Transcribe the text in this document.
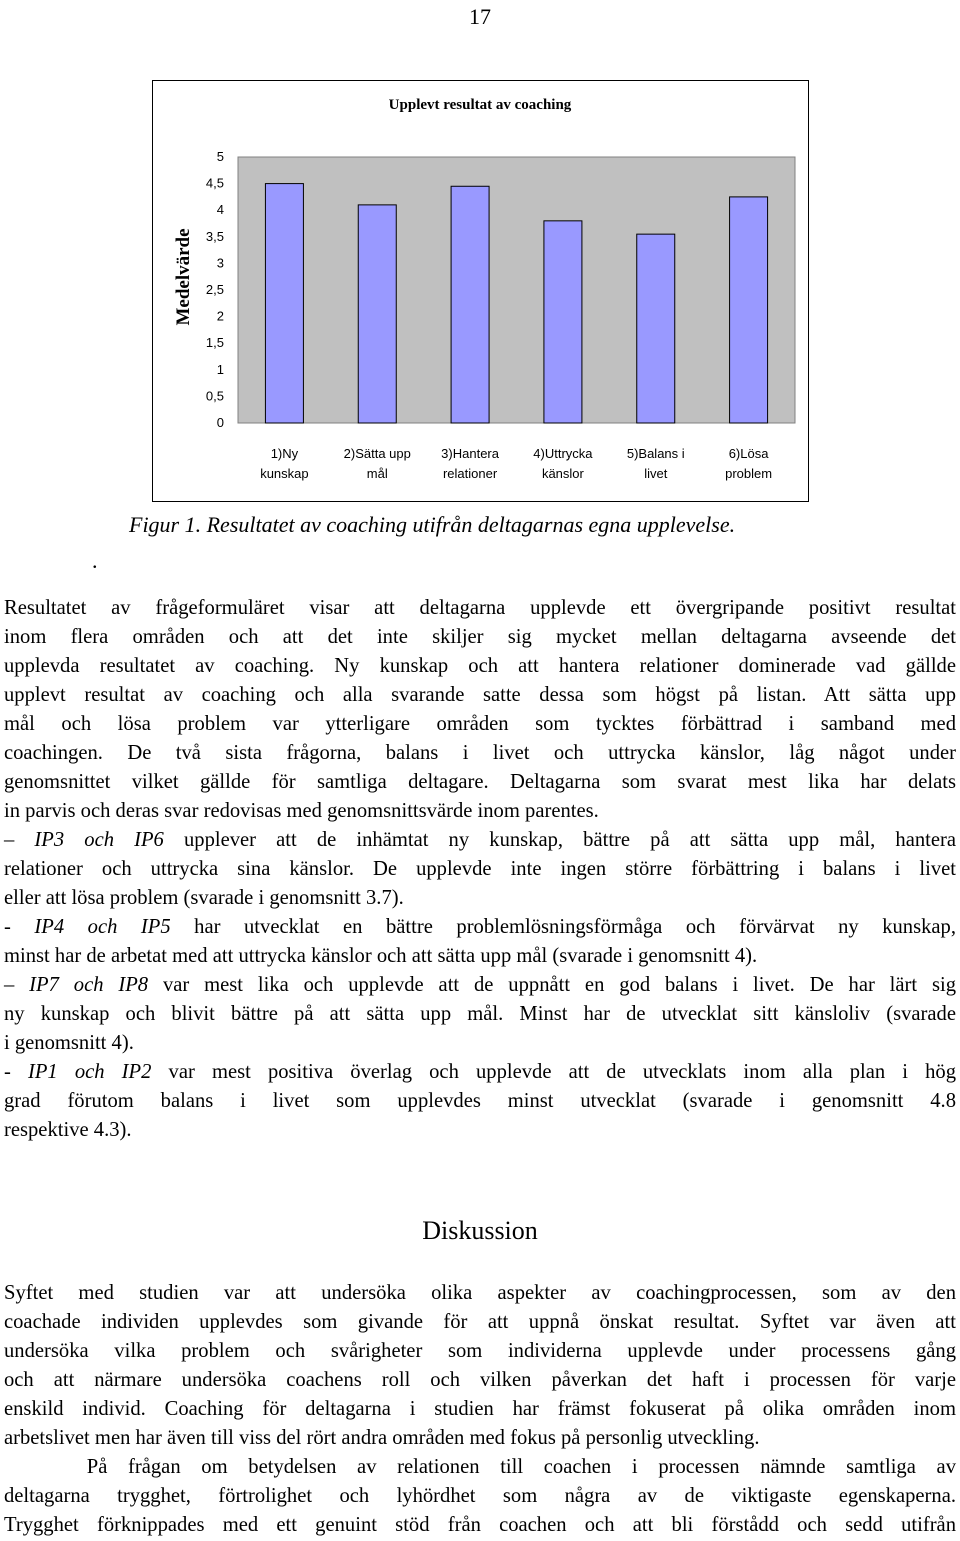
17
Upplevt resultat av coaching
Medelvärde
0
0,5
1
1,5
2
2,5
3
3,5
4
4,5
5
1)Ny
kunskap
2)Sätta upp
mål
3)Hantera
relationer
4)Uttrycka
känslor
5)Balans i
livet
6)Lösa
problem
Figur 1. Resultatet av coaching utifrån deltagarnas egna upplevelse.
.
Resultatet av frågeformuläret visar att deltagarna upplevde ett övergripande positivt resultat
inom flera områden och att det inte skiljer sig mycket mellan deltagarna avseende det
upplevda resultatet av coaching. Ny kunskap och att hantera relationer dominerade vad gällde
upplevt resultat av coaching och alla svarande satte dessa som högst på listan. Att sätta upp
mål och lösa problem var ytterligare områden som tycktes förbättrad i samband med
coachingen. De två sista frågorna, balans i livet och uttrycka känslor, låg något under
genomsnittet vilket gällde för samtliga deltagare. Deltagarna som svarat mest lika har delats
in parvis och deras svar redovisas med genomsnittsvärde inom parentes.
– IP3 och IP6 upplever att de inhämtat ny kunskap, bättre på att sätta upp mål, hantera
relationer och uttrycka sina känslor. De upplevde inte ingen större förbättring i balans i livet
eller att lösa problem (svarade i genomsnitt 3.7).
- IP4 och IP5 har utvecklat en bättre problemlösningsförmåga och förvärvat ny kunskap,
minst har de arbetat med att uttrycka känslor och att sätta upp mål (svarade i genomsnitt 4).
– IP7 och IP8 var mest lika och upplevde att de uppnått en god balans i livet. De har lärt sig
ny kunskap och blivit bättre på att sätta upp mål. Minst har de utvecklat sitt känsloliv (svarade
i genomsnitt 4).
- IP1 och IP2 var mest positiva överlag och upplevde att de utvecklats inom alla plan i hög
grad förutom balans i livet som upplevdes minst utvecklat (svarade i genomsnitt 4.8
respektive 4.3).
Diskussion
Syftet med studien var att undersöka olika aspekter av coachingprocessen, som av den
coachade individen upplevdes som givande för att uppnå önskat resultat. Syftet var även att
undersöka vilka problem och svårigheter som individerna upplevde under processens gång
och att närmare undersöka coachens roll och vilken påverkan det haft i processen för varje
enskild individ. Coaching för deltagarna i studien har främst fokuserat på olika områden inom
arbetslivet men har även till viss del rört andra områden med fokus på personlig utveckling.
På frågan om betydelsen av relationen till coachen i processen nämnde samtliga av
deltagarna trygghet, förtrolighet och lyhördhet som några av de viktigaste egenskaperna.
Trygghet förknippades med ett genuint stöd från coachen och att bli förstådd och sedd utifrån
